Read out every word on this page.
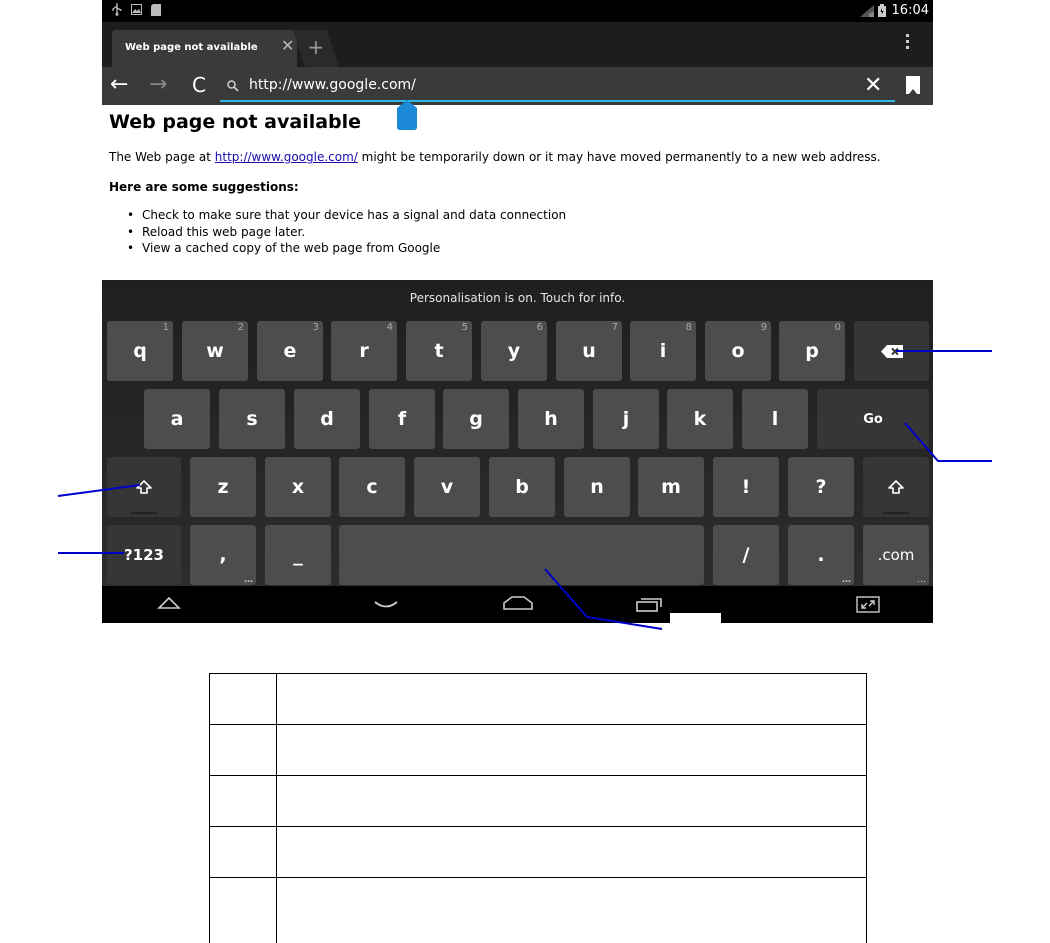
16:04
Web page not available ✕ +
← → C	http://www.google.com/	✕
Web page not available
The Web page at http://www.google.com/ might be temporarily down or it may have moved permanently to a new web address.
Here are some suggestions:
• Check to make sure that your device has a signal and data connection
• Reload this web page later.
• View a cached copy of the web page from Google
Personalisation is on. Touch for info.
q
1
w
2
e
3
r
4
t
5
y
6
u
7
i
8
o
9
p
0
a	s	d	f	g	h	j	k	l	Go
z	x	c	v	b	n	m	!	?
?123	,
…
_	/	.
…
.com
…
